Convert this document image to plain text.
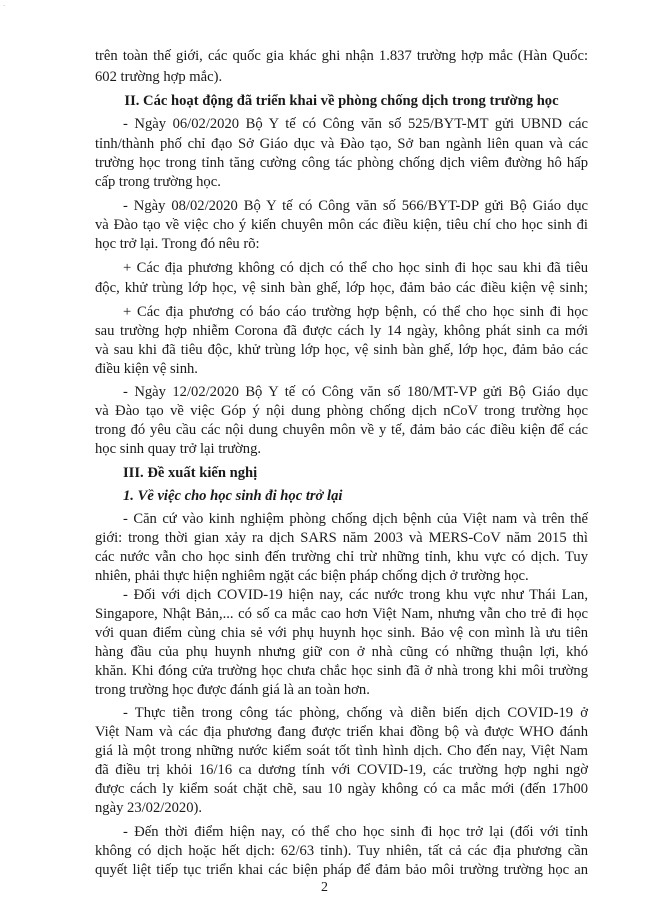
ˋ
trên toàn thế giới, các quốc gia khác ghi nhận 1.837 trường hợp mắc (Hàn Quốc:
602 trường hợp mắc).
II. Các hoạt động đã triển khai về phòng chống dịch trong trường học
- Ngày 06/02/2020 Bộ Y tế có Công văn số 525/BYT-MT gửi UBND các
tỉnh/thành phố chỉ đạo Sở Giáo dục và Đào tạo, Sở ban ngành liên quan và các
trường học trong tỉnh tăng cường công tác phòng chống dịch viêm đường hô hấp
cấp trong trường học.
- Ngày 08/02/2020 Bộ Y tế có Công văn số 566/BYT-DP gửi Bộ Giáo dục
và Đào tạo về việc cho ý kiến chuyên môn các điều kiện, tiêu chí cho học sinh đi
học trở lại. Trong đó nêu rõ:
+ Các địa phương không có dịch có thể cho học sinh đi học sau khi đã tiêu
độc, khử trùng lớp học, vệ sinh bàn ghế, lớp học, đảm bảo các điều kiện vệ sinh;
+ Các địa phương có báo cáo trường hợp bệnh, có thể cho học sinh đi học
sau trường hợp nhiễm Corona đã được cách ly 14 ngày, không phát sinh ca mới
và sau khi đã tiêu độc, khử trùng lớp học, vệ sinh bàn ghế, lớp học, đảm bảo các
điều kiện vệ sinh.
- Ngày 12/02/2020 Bộ Y tế có Công văn số 180/MT-VP gửi Bộ Giáo dục
và Đào tạo về việc Góp ý nội dung phòng chống dịch nCoV trong trường học
trong đó yêu cầu các nội dung chuyên môn về y tế, đảm bảo các điều kiện để các
học sinh quay trở lại trường.
III. Đề xuất kiến nghị
1. Về việc cho học sinh đi học trở lại
- Căn cứ vào kinh nghiệm phòng chống dịch bệnh của Việt nam và trên thế
giới: trong thời gian xảy ra dịch SARS năm 2003 và MERS-CoV năm 2015 thì
các nước vẫn cho học sinh đến trường chỉ trừ những tỉnh, khu vực có dịch. Tuy
nhiên, phải thực hiện nghiêm ngặt các biện pháp chống dịch ở trường học.
- Đối với dịch COVID-19 hiện nay, các nước trong khu vực như Thái Lan,
Singapore, Nhật Bản,... có số ca mắc cao hơn Việt Nam, nhưng vẫn cho trẻ đi học
với quan điểm cùng chia sẻ với phụ huynh học sinh. Bảo vệ con mình là ưu tiên
hàng đầu của phụ huynh nhưng giữ con ở nhà cũng có những thuận lợi, khó
khăn. Khi đóng cửa trường học chưa chắc học sinh đã ở nhà trong khi môi trường
trong trường học được đánh giá là an toàn hơn.
- Thực tiễn trong công tác phòng, chống và diễn biến dịch COVID-19 ở
Việt Nam và các địa phương đang được triển khai đồng bộ và được WHO đánh
giá là một trong những nước kiểm soát tốt tình hình dịch. Cho đến nay, Việt Nam
đã điều trị khỏi 16/16 ca dương tính với COVID-19, các trường hợp nghi ngờ
được cách ly kiểm soát chặt chẽ, sau 10 ngày không có ca mắc mới (đến 17h00
ngày 23/02/2020).
- Đến thời điểm hiện nay, có thể cho học sinh đi học trở lại (đối với tỉnh
không có dịch hoặc hết dịch: 62/63 tỉnh). Tuy nhiên, tất cả các địa phương cần
quyết liệt tiếp tục triển khai các biện pháp để đảm bảo môi trường trường học an
2
